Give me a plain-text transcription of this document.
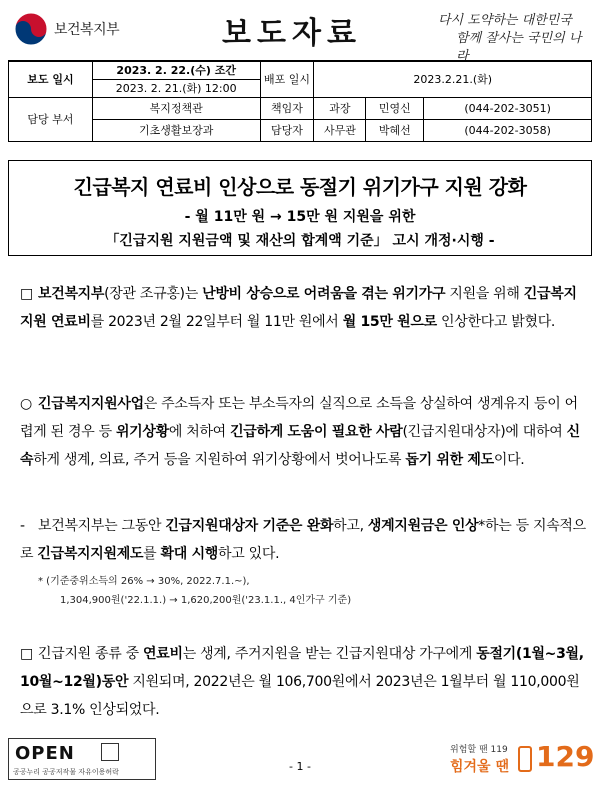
보건복지부	보도자료	다시 도약하는 대한민국
함께 잘사는 국민의 나라
보도 일시	2023. 2. 22.(수) 조간	배포 일시	2023.2.21.(화)		
	2023. 2. 21.(화) 12:00				
담당 부서	복지정책관	책임자	과장	민영신	(044-202-3051)
	기초생활보장과	담당자	사무관	박혜선	(044-202-3058)
긴급복지 연료비 인상으로 동절기 위기가구 지원 강화
- 월 11만 원 → 15만 원 지원을 위한
「긴급지원 지원금액 및 재산의 합계액 기준」 고시 개정·시행 -
□ 보건복지부(장관 조규홍)는 난방비 상승으로 어려움을 겪는 위기가구 지원을 위해 긴급복지지원 연료비를 2023년 2월 22일부터 월 11만 원에서 월 15만 원으로 인상한다고 밝혔다.
○ 긴급복지지원사업은 주소득자 또는 부소득자의 실직으로 소득을 상실하여 생계유지 등이 어렵게 된 경우 등 위기상황에 처하여 긴급하게 도움이 필요한 사람(긴급지원대상자)에 대하여 신속하게 생계, 의료, 주거 등을 지원하여 위기상황에서 벗어나도록 돕기 위한 제도이다.
- 보건복지부는 그동안 긴급지원대상자 기준은 완화하고, 생계지원금은 인상*하는 등 지속적으로 긴급복지지원제도를 확대 시행하고 있다.
* (기준중위소득의 26% → 30%, 2022.7.1.~),
1,304,900원('22.1.1.) → 1,620,200원('23.1.1., 4인가구 기준)
□ 긴급지원 종류 중 연료비는 생계, 주거지원을 받는 긴급지원대상 가구에게 동절기(1월~3월, 10월~12월)동안 지원되며, 2022년은 월 106,700원에서 2023년은 1월부터 월 110,000원으로 3.1% 인상되었다.
OPEN
공공누리 공공저작물 자유이용허락	- 1 -
위험할 땐 119
힘겨울 땐 129
